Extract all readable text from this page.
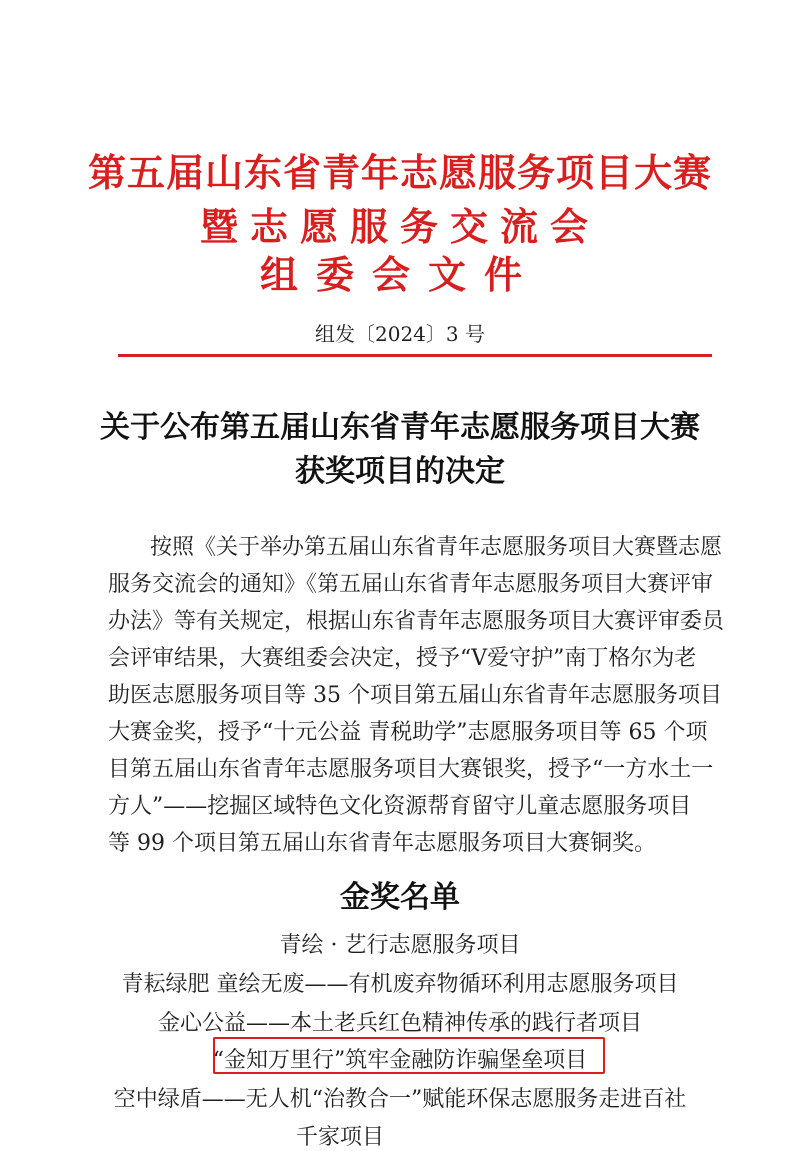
第五届山东省青年志愿服务项目大赛
暨志愿服务交流会
组委会文件
组发〔2024〕3 号
关于公布第五届山东省青年志愿服务项目大赛
获奖项目的决定
按照《关于举办第五届山东省青年志愿服务项目大赛暨志愿
服务交流会的通知》《第五届山东省青年志愿服务项目大赛评审
办法》等有关规定，根据山东省青年志愿服务项目大赛评审委员
会评审结果，大赛组委会决定，授予“V爱守护”南丁格尔为老
助医志愿服务项目等 35 个项目第五届山东省青年志愿服务项目
大赛金奖，授予“十元公益 青税助学”志愿服务项目等 65 个项
目第五届山东省青年志愿服务项目大赛银奖，授予“一方水土一
方人”——挖掘区域特色文化资源帮育留守儿童志愿服务项目
等 99 个项目第五届山东省青年志愿服务项目大赛铜奖。
金奖名单
青绘 · 艺行志愿服务项目
青耘绿肥 童绘无废——有机废弃物循环利用志愿服务项目
金心公益——本土老兵红色精神传承的践行者项目
“金知万里行”筑牢金融防诈骗堡垒项目
空中绿盾——无人机“治教合一”赋能环保志愿服务走进百社
千家项目
